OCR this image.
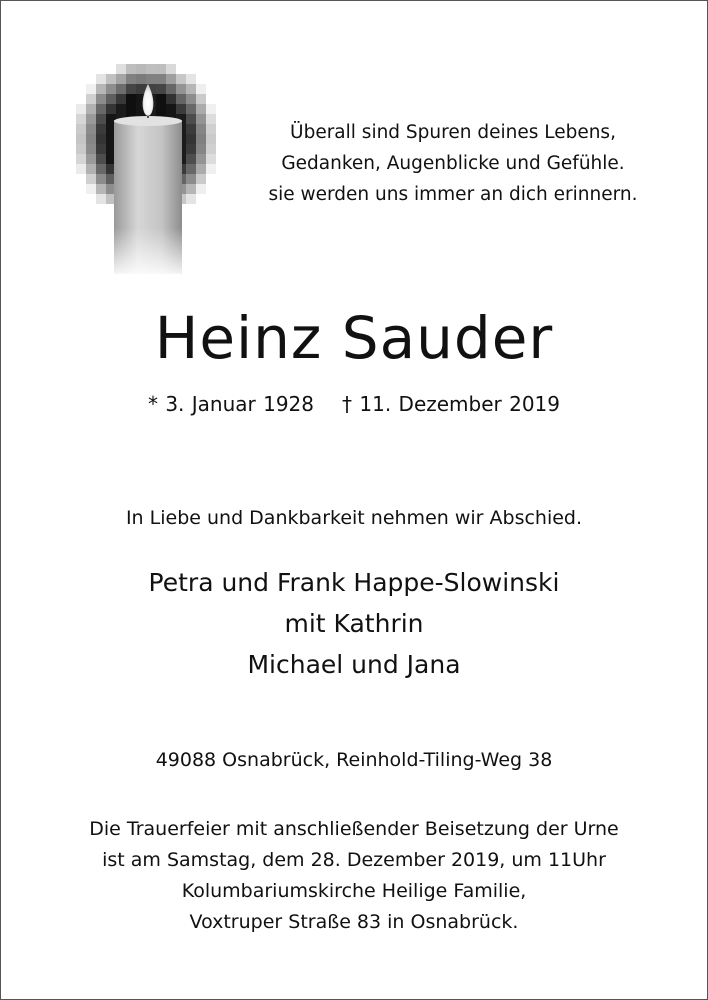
Überall sind Spuren deines Lebens,
Gedanken, Augenblicke und Gefühle.
sie werden uns immer an dich erinnern.
Heinz Sauder
* 3. Januar 1928 † 11. Dezember 2019
In Liebe und Dankbarkeit nehmen wir Abschied.
Petra und Frank Happe-Slowinski
mit Kathrin
Michael und Jana
49088 Osnabrück, Reinhold-Tiling-Weg 38
Die Trauerfeier mit anschließender Beisetzung der Urne
ist am Samstag, dem 28. Dezember 2019, um 11Uhr
Kolumbariumskirche Heilige Familie,
Voxtruper Straße 83 in Osnabrück.
